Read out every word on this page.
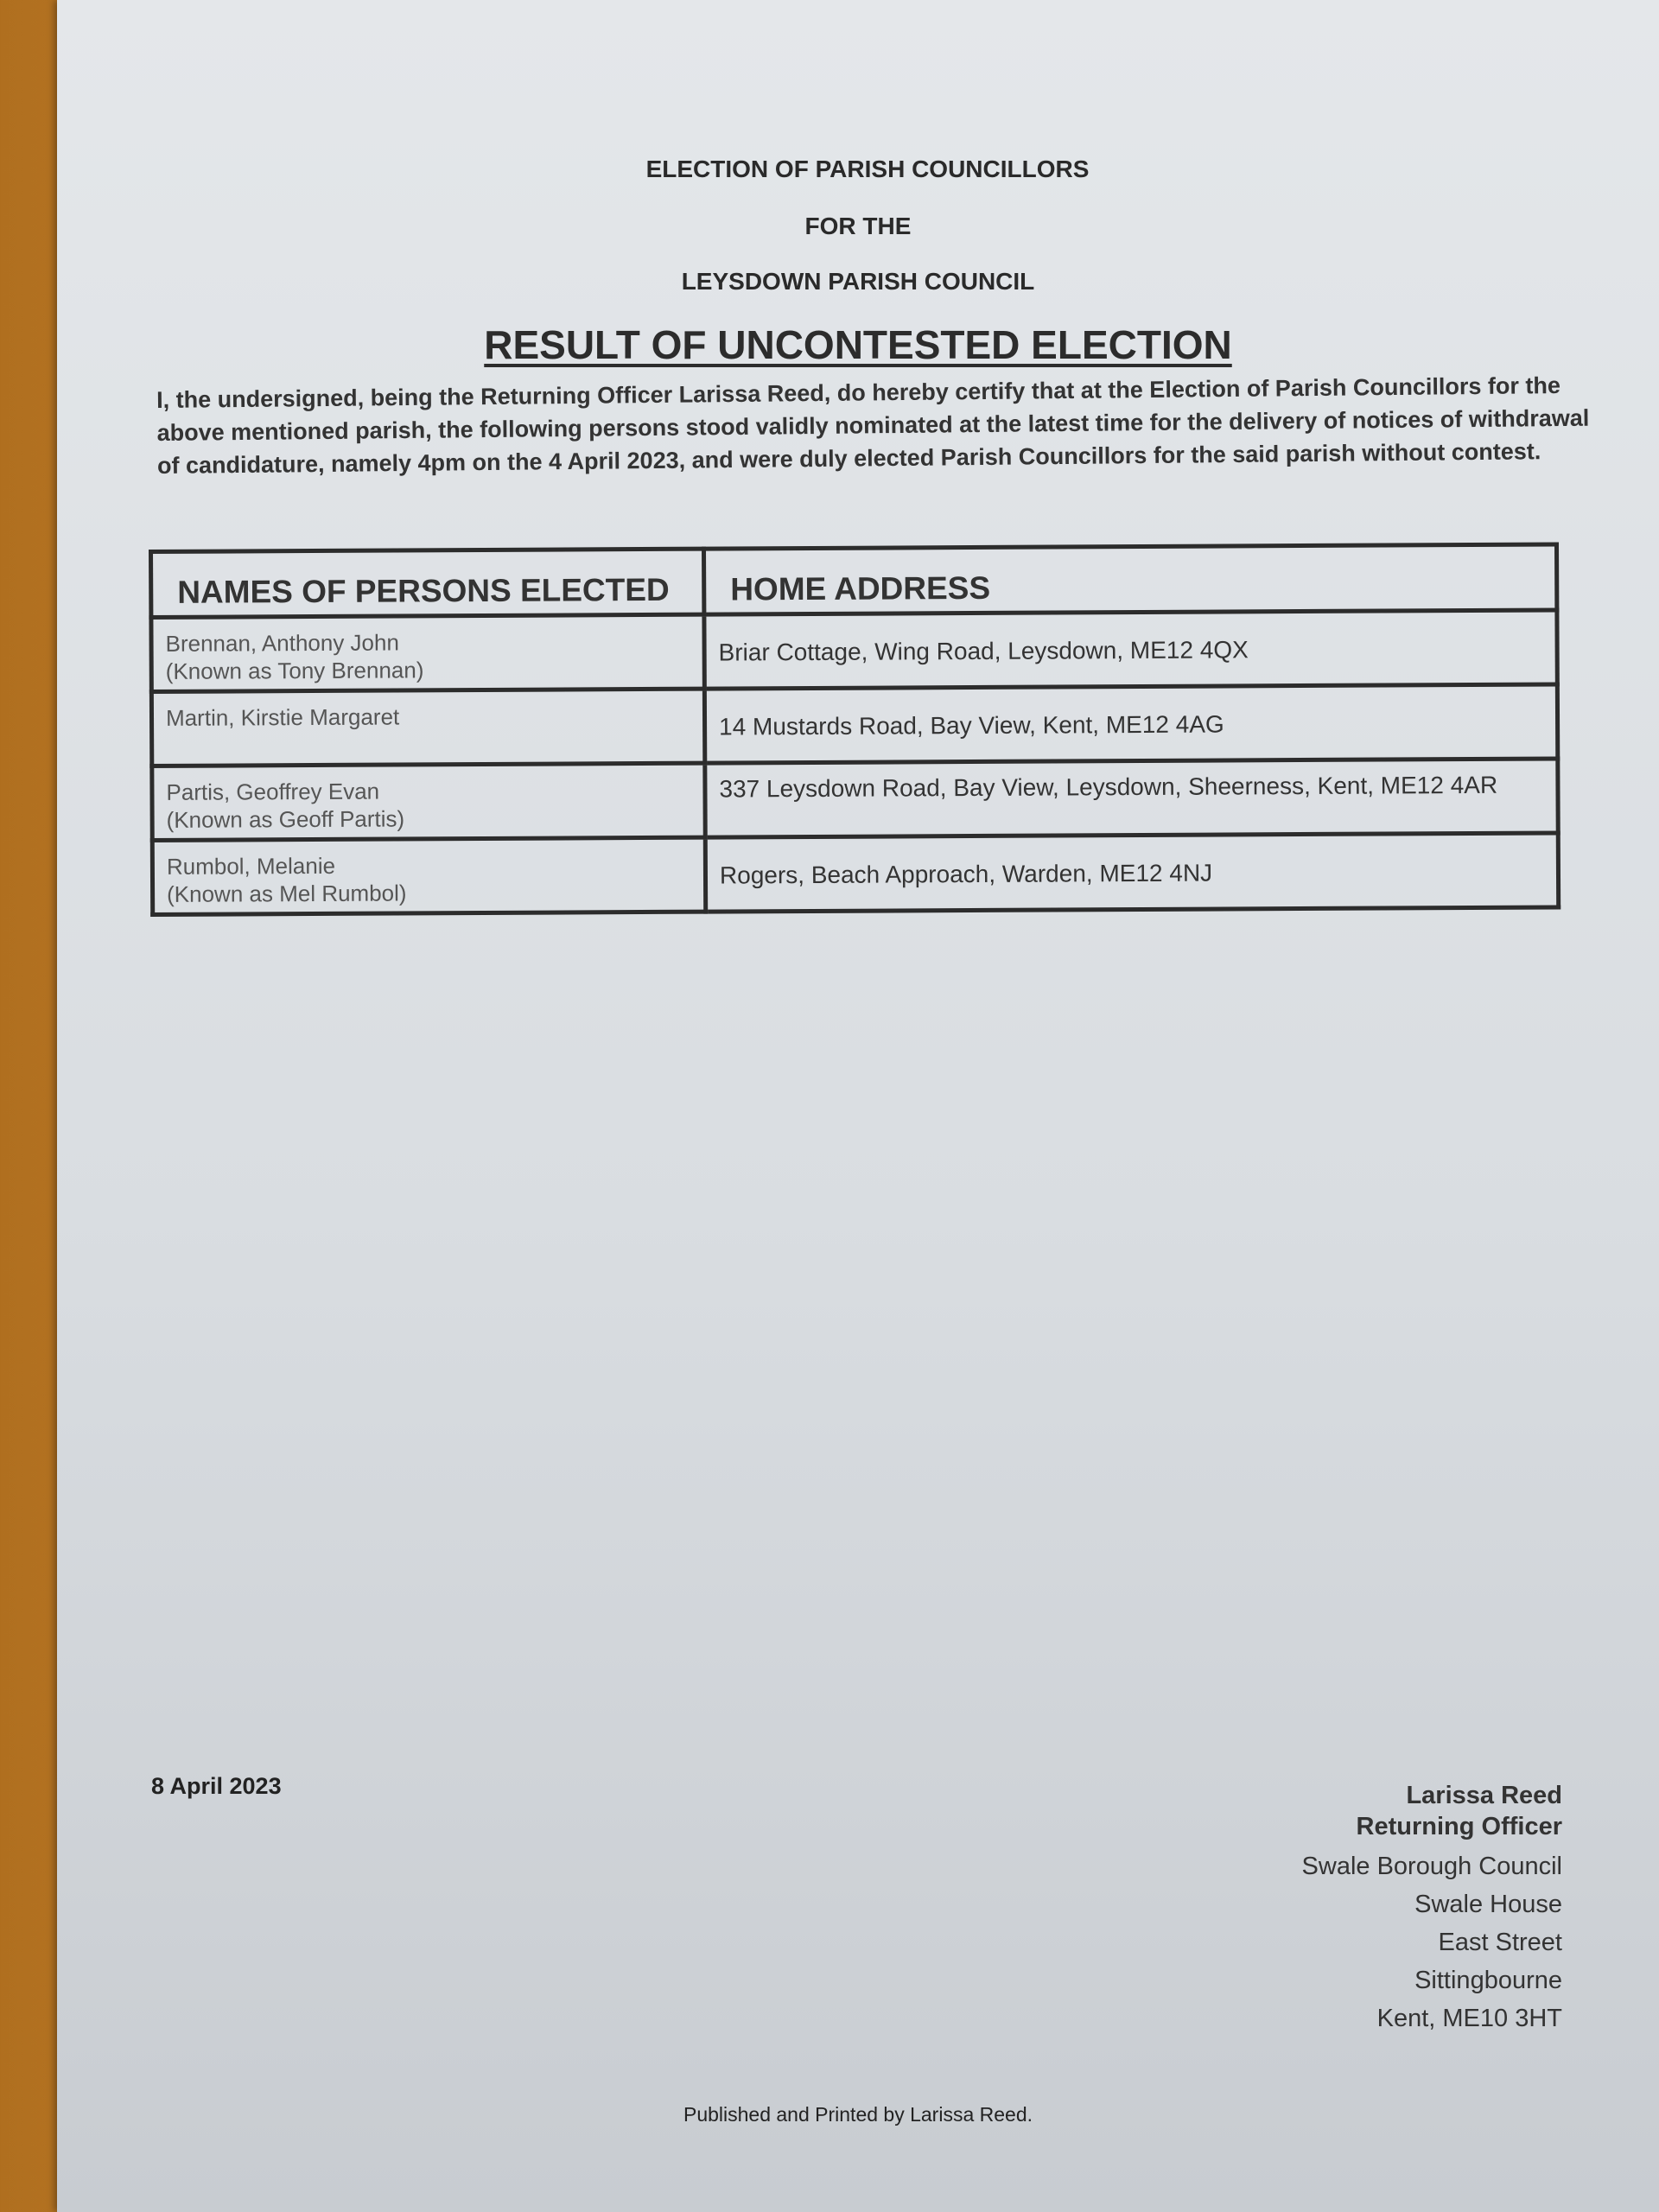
ELECTION OF PARISH COUNCILLORS
FOR THE
LEYSDOWN PARISH COUNCIL
RESULT OF UNCONTESTED ELECTION
I, the undersigned, being the Returning Officer Larissa Reed, do hereby certify that at the Election of Parish Councillors for the above mentioned parish, the following persons stood validly nominated at the latest time for the delivery of notices of withdrawal of candidature, namely 4pm on the 4 April 2023, and were duly elected Parish Councillors for the said parish without contest.
NAMES OF PERSONS ELECTED	HOME ADDRESS

Brennan, Anthony John
(Known as Tony Brennan)	Briar Cottage, Wing Road, Leysdown, ME12 4QX

Martin, Kirstie Margaret	14 Mustards Road, Bay View, Kent, ME12 4AG

Partis, Geoffrey Evan
(Known as Geoff Partis)	337 Leysdown Road, Bay View, Leysdown, Sheerness, Kent, ME12 4AR

Rumbol, Melanie
(Known as Mel Rumbol)	Rogers, Beach Approach, Warden, ME12 4NJ
8 April 2023	Larissa Reed
Returning Officer
Swale Borough Council
Swale House
East Street
Sittingbourne
Kent, ME10 3HT
Published and Printed by Larissa Reed.
